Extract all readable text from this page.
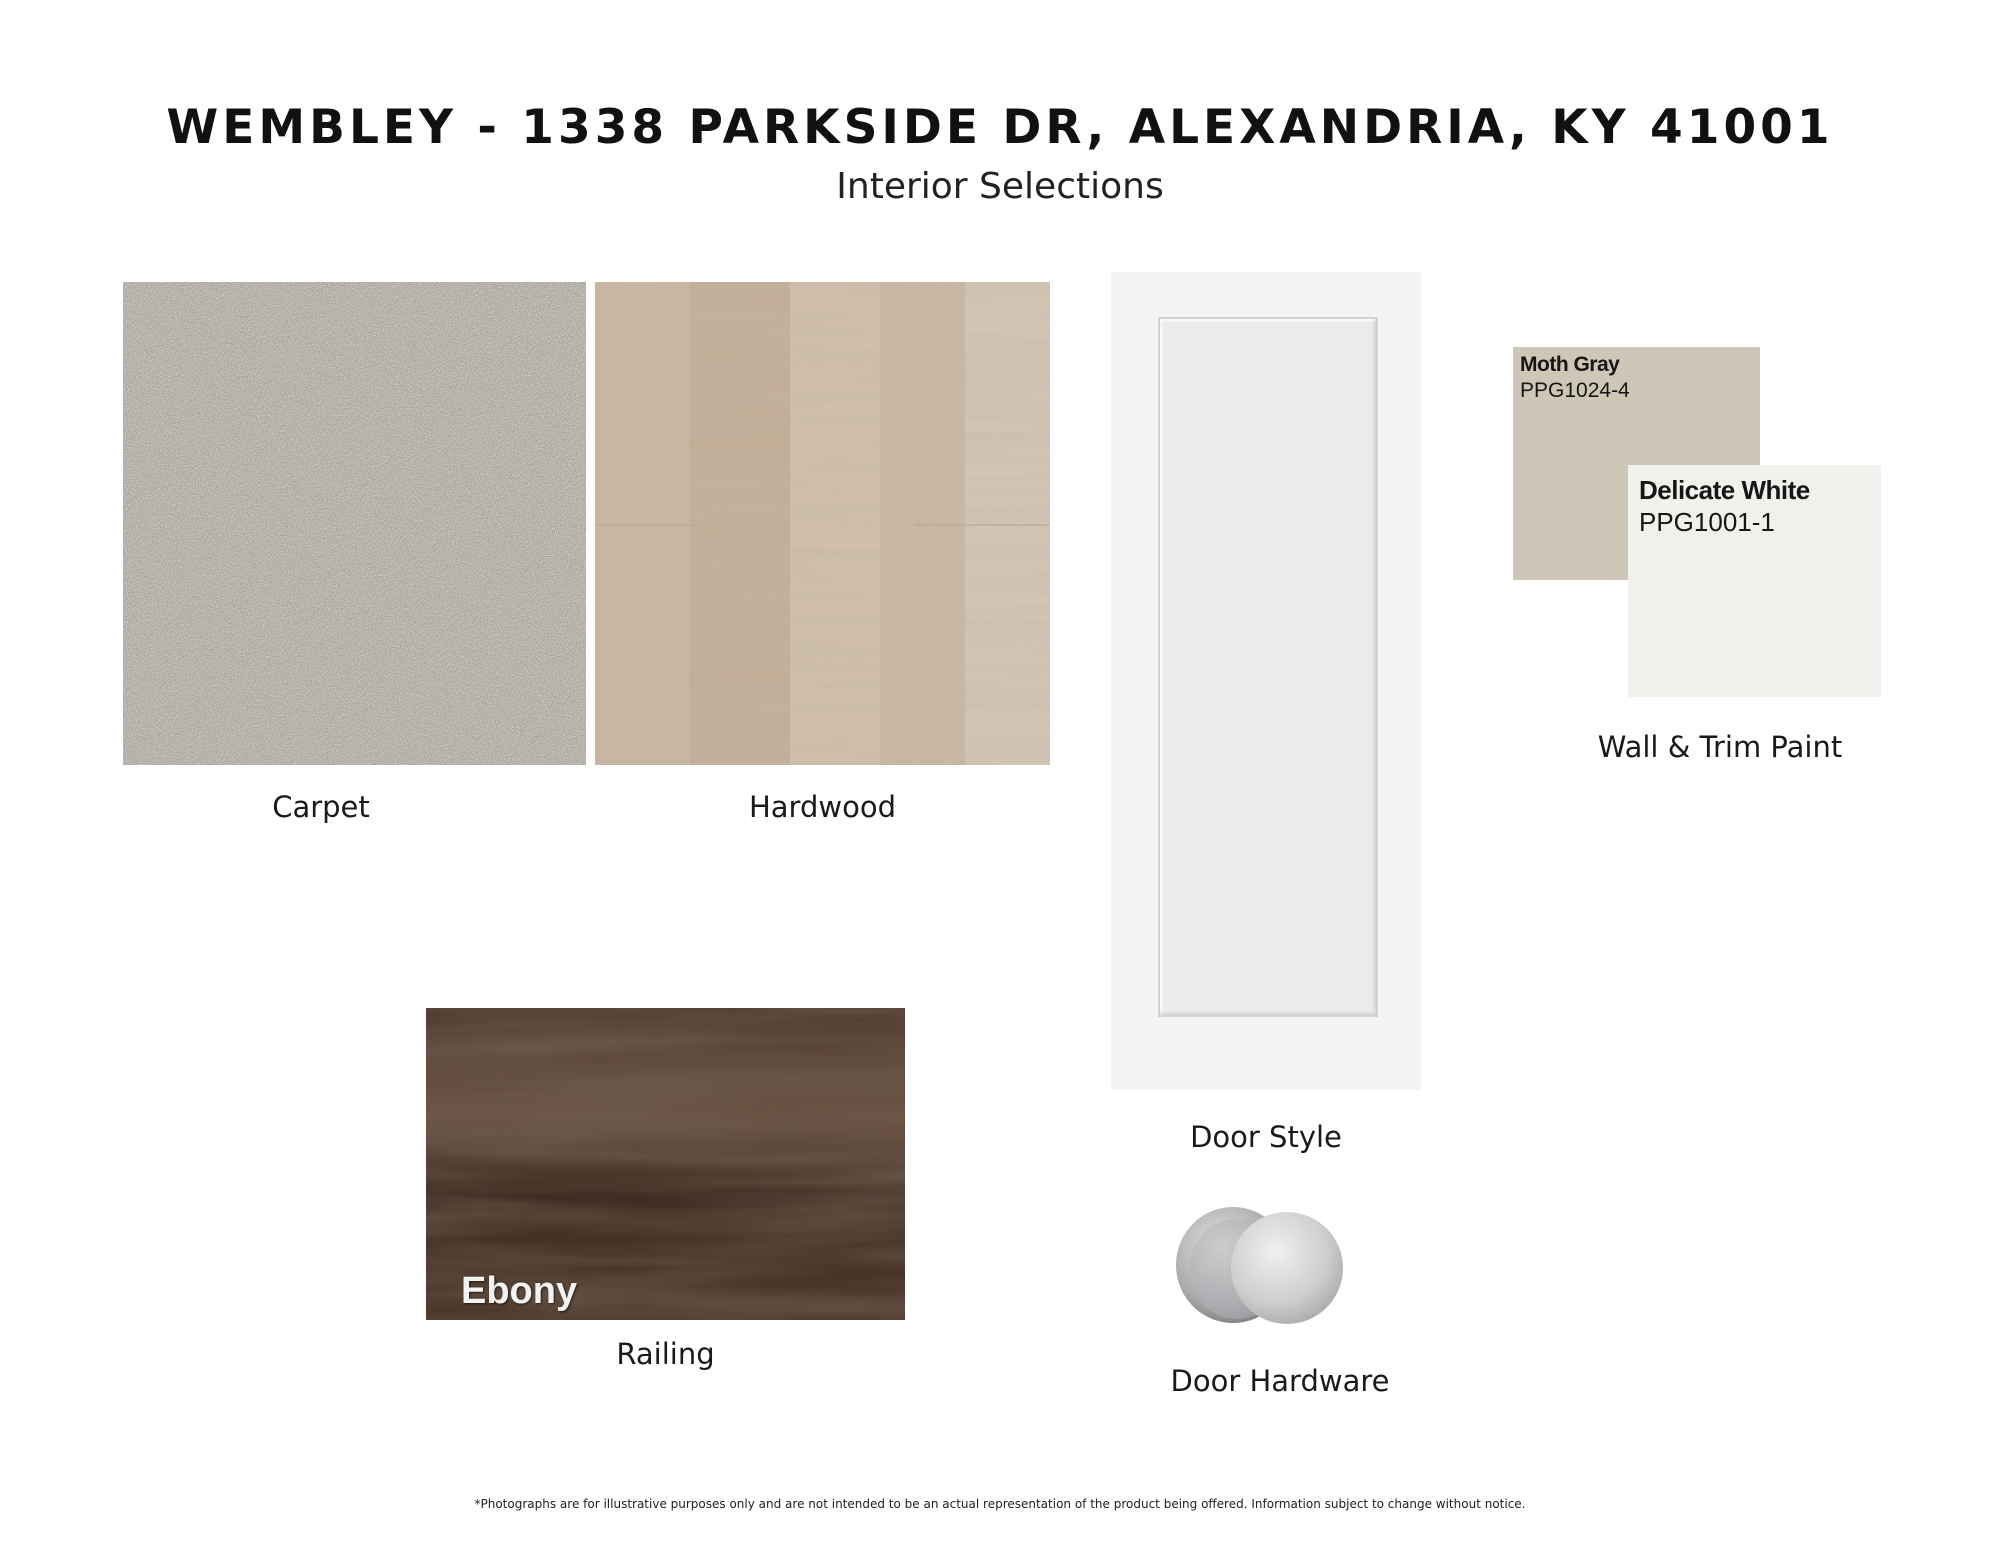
WEMBLEY - 1338 PARKSIDE DR, ALEXANDRIA, KY 41001
Interior Selections
Carpet	Hardwood
Door Style
Moth Gray
PPG1024-4
Delicate White
PPG1001-1
Wall & Trim Paint
Ebony
Railing
Door Hardware
*Photographs are for illustrative purposes only and are not intended to be an actual representation of the product being offered. Information subject to change without notice.
